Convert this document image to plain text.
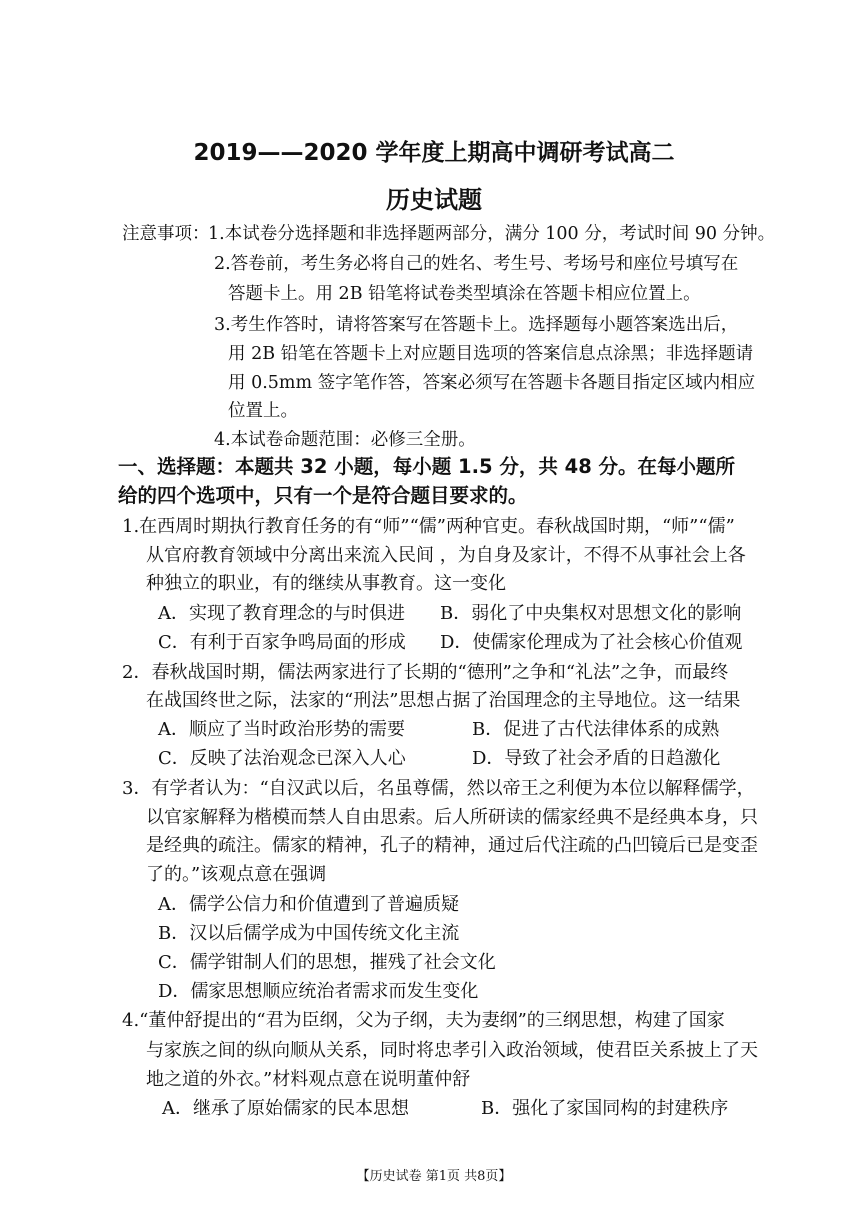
2019——2020 学年度上期高中调研考试高二
历史试题
注意事项：
1.本试卷分选择题和非选择题两部分，满分 100 分，考试时间 90 分钟。
2.答卷前，考生务必将自己的姓名、考生号、考场号和座位号填写在
答题卡上。用 2B 铅笔将试卷类型填涂在答题卡相应位置上。
3.考生作答时，请将答案写在答题卡上。选择题每小题答案选出后，
用 2B 铅笔在答题卡上对应题目选项的答案信息点涂黑；非选择题请
用 0.5mm 签字笔作答，答案必须写在答题卡各题目指定区域内相应
位置上。
4.本试卷命题范围：必修三全册。
一、选择题：本题共 32 小题，每小题 1.5 分，共 48 分。在每小题所
给的四个选项中，只有一个是符合题目要求的。
1.在西周时期执行教育任务的有“师”“儒”两种官吏。春秋战国时期，“师”“儒”
从官府教育领域中分离出来流入民间 ，为自身及家计，不得不从事社会上各
种独立的职业，有的继续从事教育。这一变化
A．实现了教育理念的与时俱进 B．弱化了中央集权对思想文化的影响
C．有利于百家争鸣局面的形成 D．使儒家伦理成为了社会核心价值观
2．春秋战国时期，儒法两家进行了长期的“德刑”之争和“礼法”之争，而最终
在战国终世之际，法家的“刑法”思想占据了治国理念的主导地位。这一结果
A．顺应了当时政治形势的需要	B．促进了古代法律体系的成熟
C．反映了法治观念已深入人心	D．导致了社会矛盾的日趋激化
3．有学者认为：“自汉武以后，名虽尊儒，然以帝王之利便为本位以解释儒学，
以官家解释为楷模而禁人自由思索。后人所研读的儒家经典不是经典本身，只
是经典的疏注。儒家的精神，孔子的精神，通过后代注疏的凸凹镜后已是变歪
了的。”该观点意在强调
A．儒学公信力和价值遭到了普遍质疑
B．汉以后儒学成为中国传统文化主流
C．儒学钳制人们的思想，摧残了社会文化
D．儒家思想顺应统治者需求而发生变化
4.“董仲舒提出的“君为臣纲，父为子纲，夫为妻纲”的三纲思想，构建了国家
与家族之间的纵向顺从关系，同时将忠孝引入政治领域，使君臣关系披上了天
地之道的外衣。”材料观点意在说明董仲舒
A．继承了原始儒家的民本思想	B．强化了家国同构的封建秩序
【历史试卷 第1页 共8页】
